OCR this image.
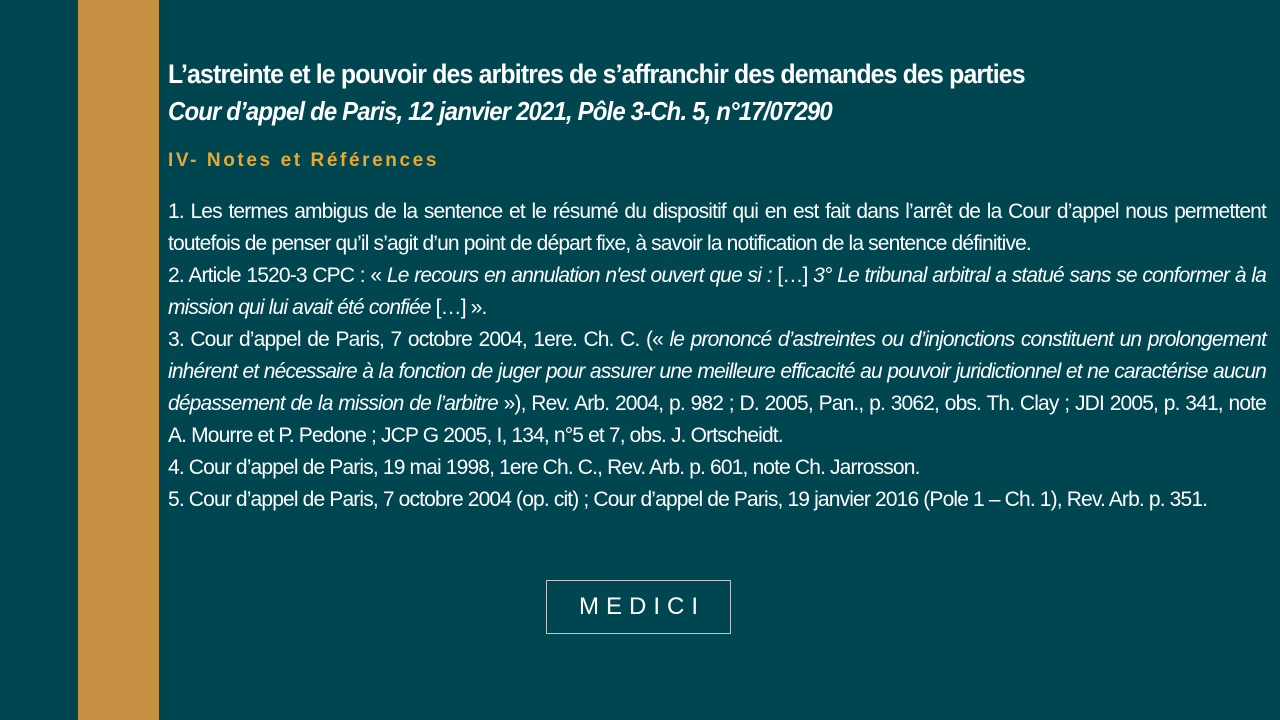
L’astreinte et le pouvoir des arbitres de s’affranchir des demandes des parties
Cour d’appel de Paris, 12 janvier 2021, Pôle 3-Ch. 5, n°17/07290
IV- Notes et Références

1. Les termes ambigus de la sentence et le résumé du dispositif qui en est fait dans l’arrêt de la Cour d’appel nous permettent toutefois de penser qu’il s’agit d’un point de départ fixe, à savoir la notification de la sentence définitive.

2. Article 1520-3 CPC : « Le recours en annulation n'est ouvert que si : […] 3° Le tribunal arbitral a statué sans se conformer à la mission qui lui avait été confiée […] ».

3. Cour d’appel de Paris, 7 octobre 2004, 1ere. Ch. C. (« le prononcé d’astreintes ou d’injonctions constituent un prolongement inhérent et nécessaire à la fonction de juger pour assurer une meilleure efficacité au pouvoir juridictionnel et ne caractérise aucun dépassement de la mission de l’arbitre »), Rev. Arb. 2004, p. 982 ; D. 2005, Pan., p. 3062, obs. Th. Clay ; JDI 2005, p. 341, note A. Mourre et P. Pedone ; JCP G 2005, I, 134, n°5 et 7, obs. J. Ortscheidt.

4. Cour d’appel de Paris, 19 mai 1998, 1ere Ch. C., Rev. Arb. p. 601, note Ch. Jarrosson.

5. Cour d’appel de Paris, 7 octobre 2004 (op. cit) ; Cour d’appel de Paris, 19 janvier 2016 (Pole 1 – Ch. 1), Rev. Arb. p. 351.

MEDICI
